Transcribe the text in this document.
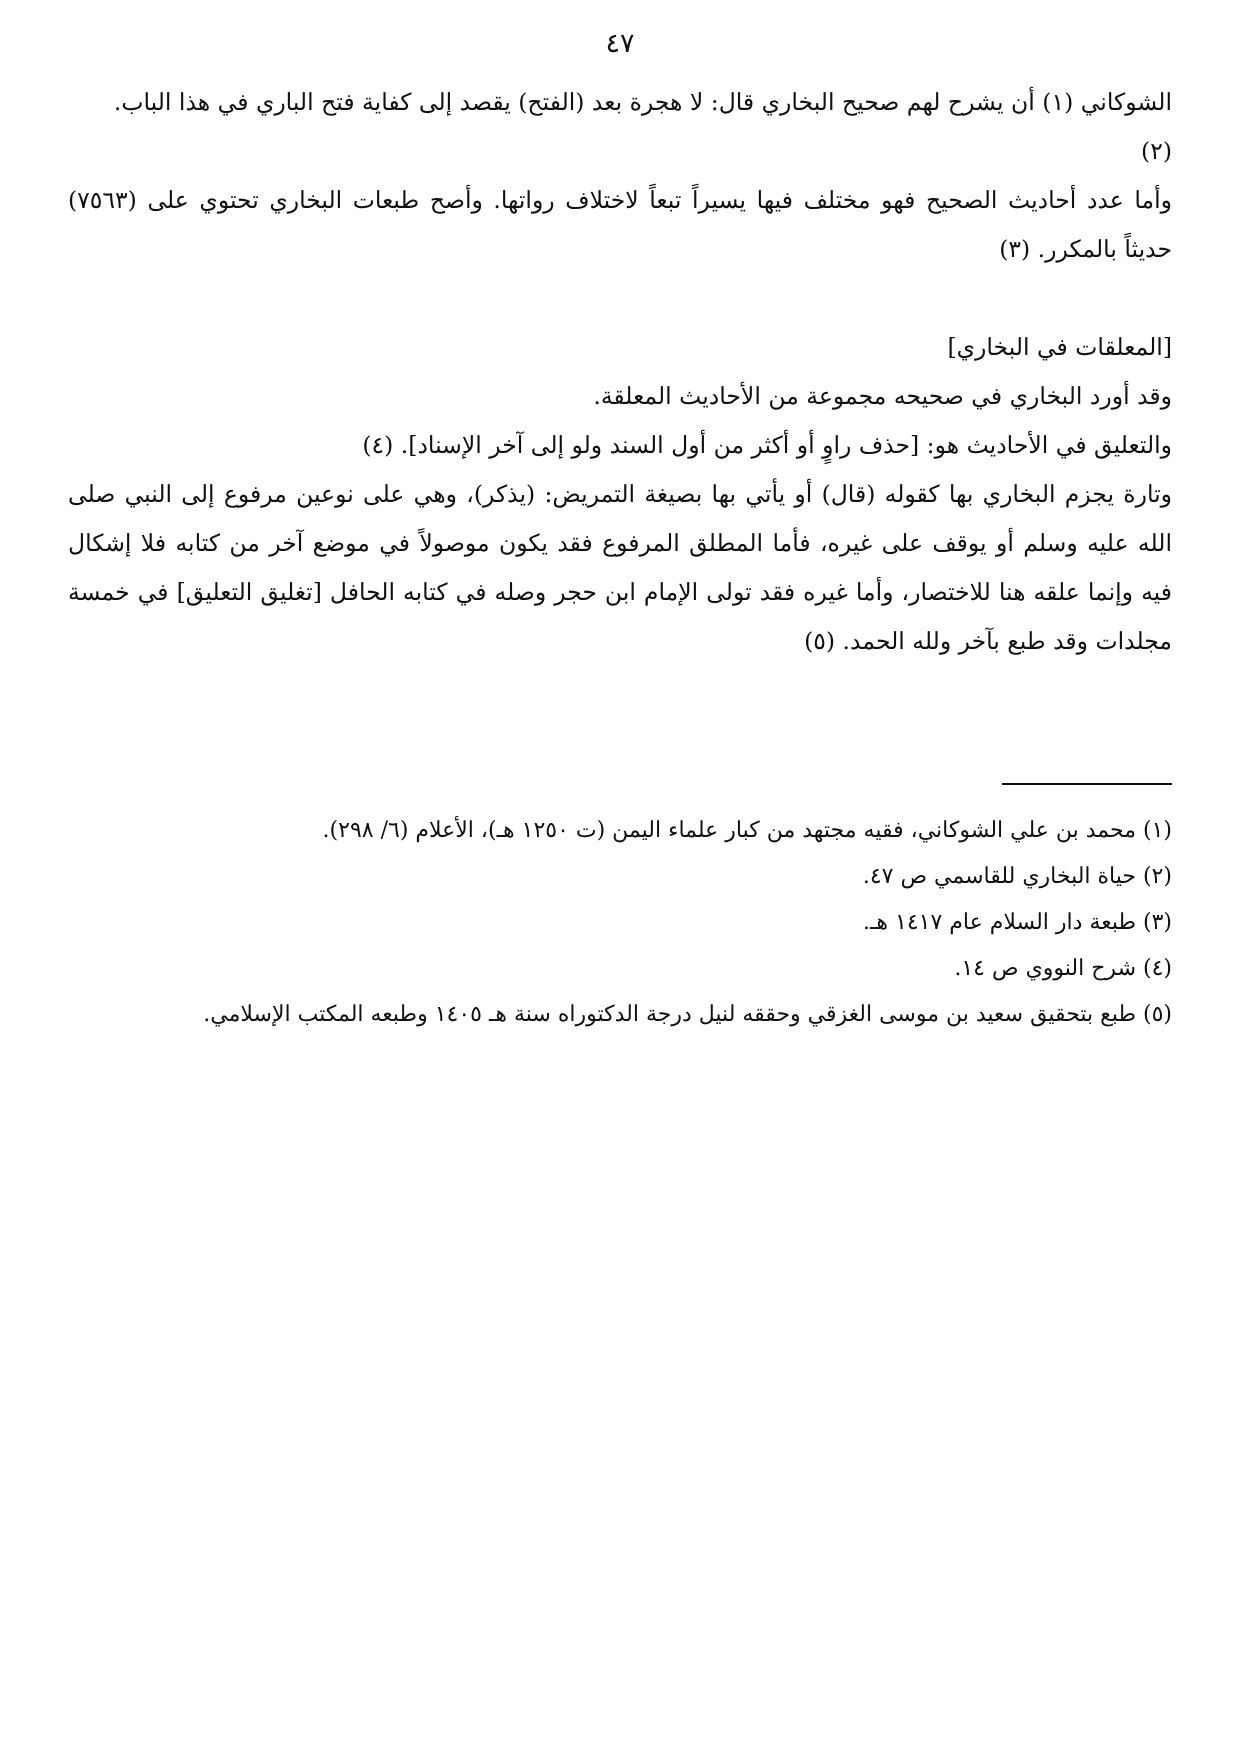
٤٧

الشوكاني (١) أن يشرح لهم صحيح البخاري قال: لا هجرة بعد (الفتح) يقصد إلى كفاية فتح الباري في هذا الباب.

(٢)

وأما عدد أحاديث الصحيح فهو مختلف فيها يسيراً تبعاً لاختلاف رواتها. وأصح طبعات البخاري تحتوي على (٧٥٦٣) حديثاً بالمكرر. (٣)

[المعلقات في البخاري]

وقد أورد البخاري في صحيحه مجموعة من الأحاديث المعلقة.

والتعليق في الأحاديث هو: [حذف راوٍ أو أكثر من أول السند ولو إلى آخر الإسناد]. (٤)

وتارة يجزم البخاري بها كقوله (قال) أو يأتي بها بصيغة التمريض: (يذكر)، وهي على نوعين مرفوع إلى النبي صلى الله عليه وسلم أو يوقف على غيره، فأما المطلق المرفوع فقد يكون موصولاً في موضع آخر من كتابه فلا إشكال فيه وإنما علقه هنا للاختصار، وأما غيره فقد تولى الإمام ابن حجر وصله في كتابه الحافل [تغليق التعليق] في خمسة مجلدات وقد طبع بآخر ولله الحمد. (٥)

(١) محمد بن علي الشوكاني، فقيه مجتهد من كبار علماء اليمن (ت ١٢٥٠ هـ)، الأعلام (٦/ ٢٩٨).
(٢) حياة البخاري للقاسمي ص ٤٧.
(٣) طبعة دار السلام عام ١٤١٧ هـ.
(٤) شرح النووي ص ١٤.
(٥) طبع بتحقيق سعيد بن موسى الغزقي وحققه لنيل درجة الدكتوراه سنة هـ ١٤٠٥ وطبعه المكتب الإسلامي.
